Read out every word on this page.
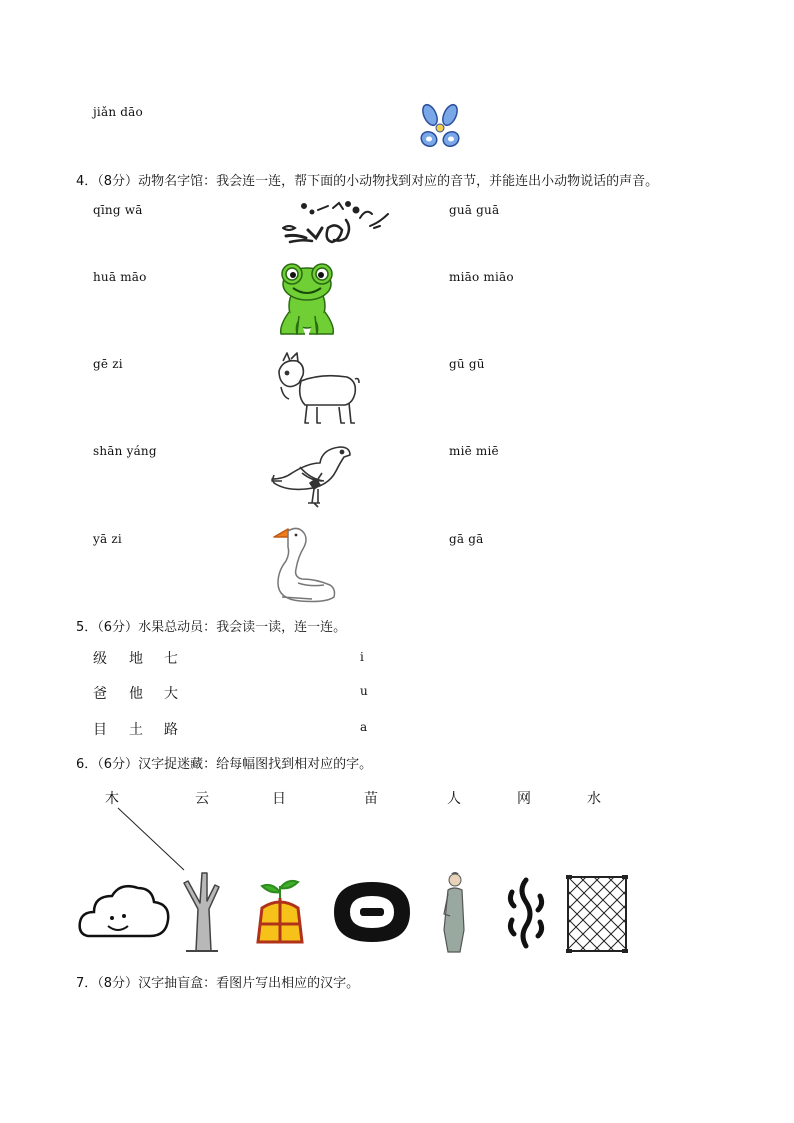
jiǎn dāo
4．（8分）动物名字馆：我会连一连，帮下面的小动物找到对应的音节，并能连出小动物说话的声音。
qīng wā
huā māo
gē zi
shān yáng
yā zi
guā guā
miāo miāo
gū gū
miē miē
gā gā
5．（6分）水果总动员：我会读一读，连一连。
级 地 七	i
爸 他 大	u
目 土 路	a
6．（6分）汉字捉迷藏：给每幅图找到相对应的字。
木	云	日	苗	人	网	水
7．（8分）汉字抽盲盒：看图片写出相应的汉字。
